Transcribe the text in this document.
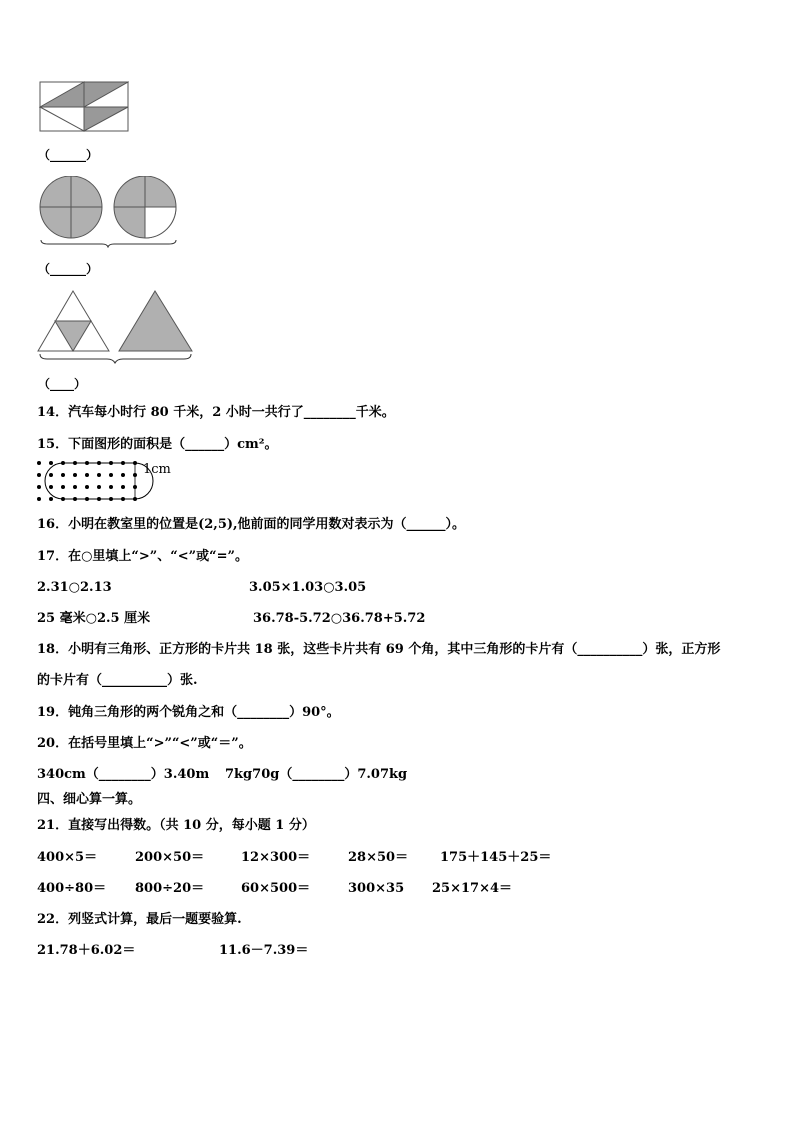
（______）
（______）
（____）
14．汽车每小时行 80 千米，2 小时一共行了________千米。
15．下面图形的面积是（______）cm²。
1cm
16．小明在教室里的位置是(2,5),他前面的同学用数对表示为（______）。
17．在○里填上“>”、“<”或“=”。
2.31○2.13	3.05×1.03○3.05
25 毫米○2.5 厘米	36.78-5.72○36.78+5.72
18．小明有三角形、正方形的卡片共 18 张，这些卡片共有 69 个角，其中三角形的卡片有（__________）张，正方形
的卡片有（__________）张.
19．钝角三角形的两个锐角之和（________）90°。
20．在括号里填上“>”“<”或“＝”。
340cm（________）3.40m 7kg70g（________）7.07kg
四、细心算一算。
21．直接写出得数。（共 10 分，每小题 1 分）
400×5＝	200×50＝	12×300＝	28×50＝ 175＋145＋25＝
400÷80＝ 800÷20＝	60×500＝	300×35 25×17×4＝
22．列竖式计算，最后一题要验算.
21.78＋6.02＝	11.6－7.39＝
